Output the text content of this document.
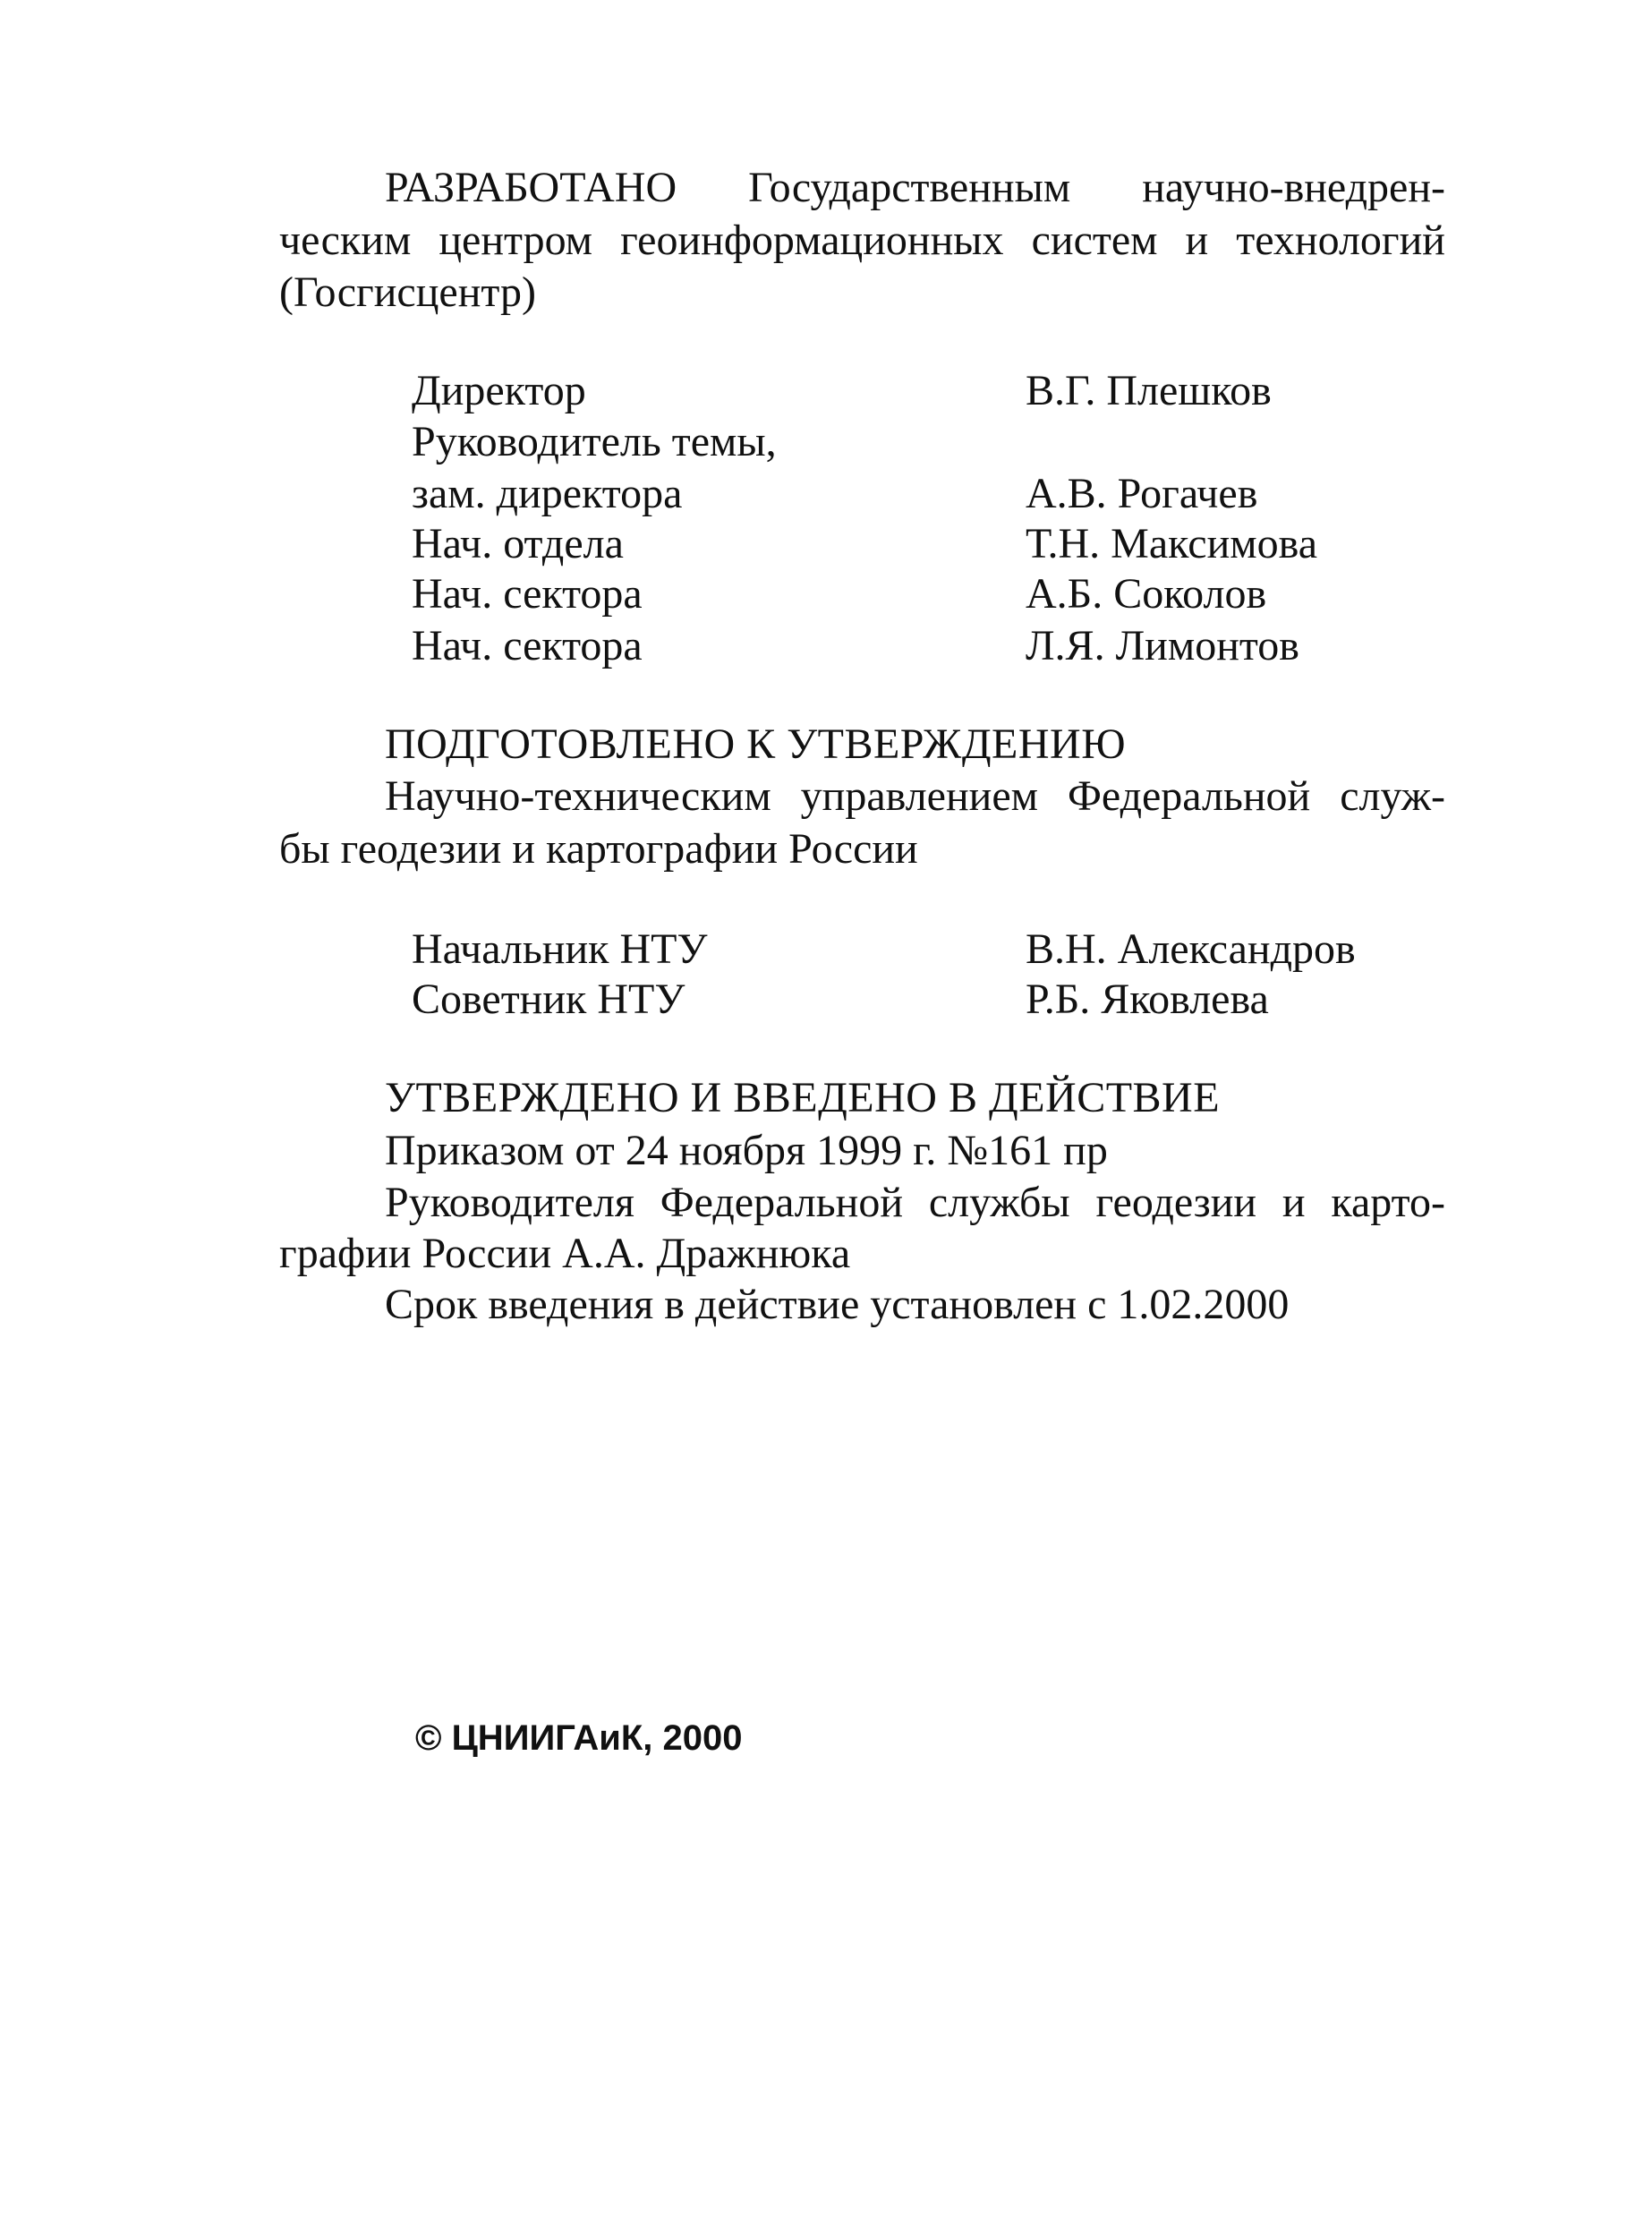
РАЗРАБОТАНО Государственным научно-внедрен-
ческим центром геоинформационных систем и технологий
(Госгисцентр)
Директор	В.Г. Плешков
Руководитель темы,
зам. директора	А.В. Рогачев
Нач. отдела	Т.Н. Максимова
Нач. сектора	А.Б. Соколов
Нач. сектора	Л.Я. Лимонтов
ПОДГОТОВЛЕНО К УТВЕРЖДЕНИЮ
Научно-техническим управлением Федеральной служ-
бы геодезии и картографии России
Начальник НТУ	В.Н. Александров
Советник НТУ	Р.Б. Яковлева
УТВЕРЖДЕНО И ВВЕДЕНО В ДЕЙСТВИЕ
Приказом от 24 ноября 1999 г. №161 пр
Руководителя Федеральной службы геодезии и карто-
графии России А.А. Дражнюка
Срок введения в действие установлен с 1.02.2000
© ЦНИИГАиК, 2000
